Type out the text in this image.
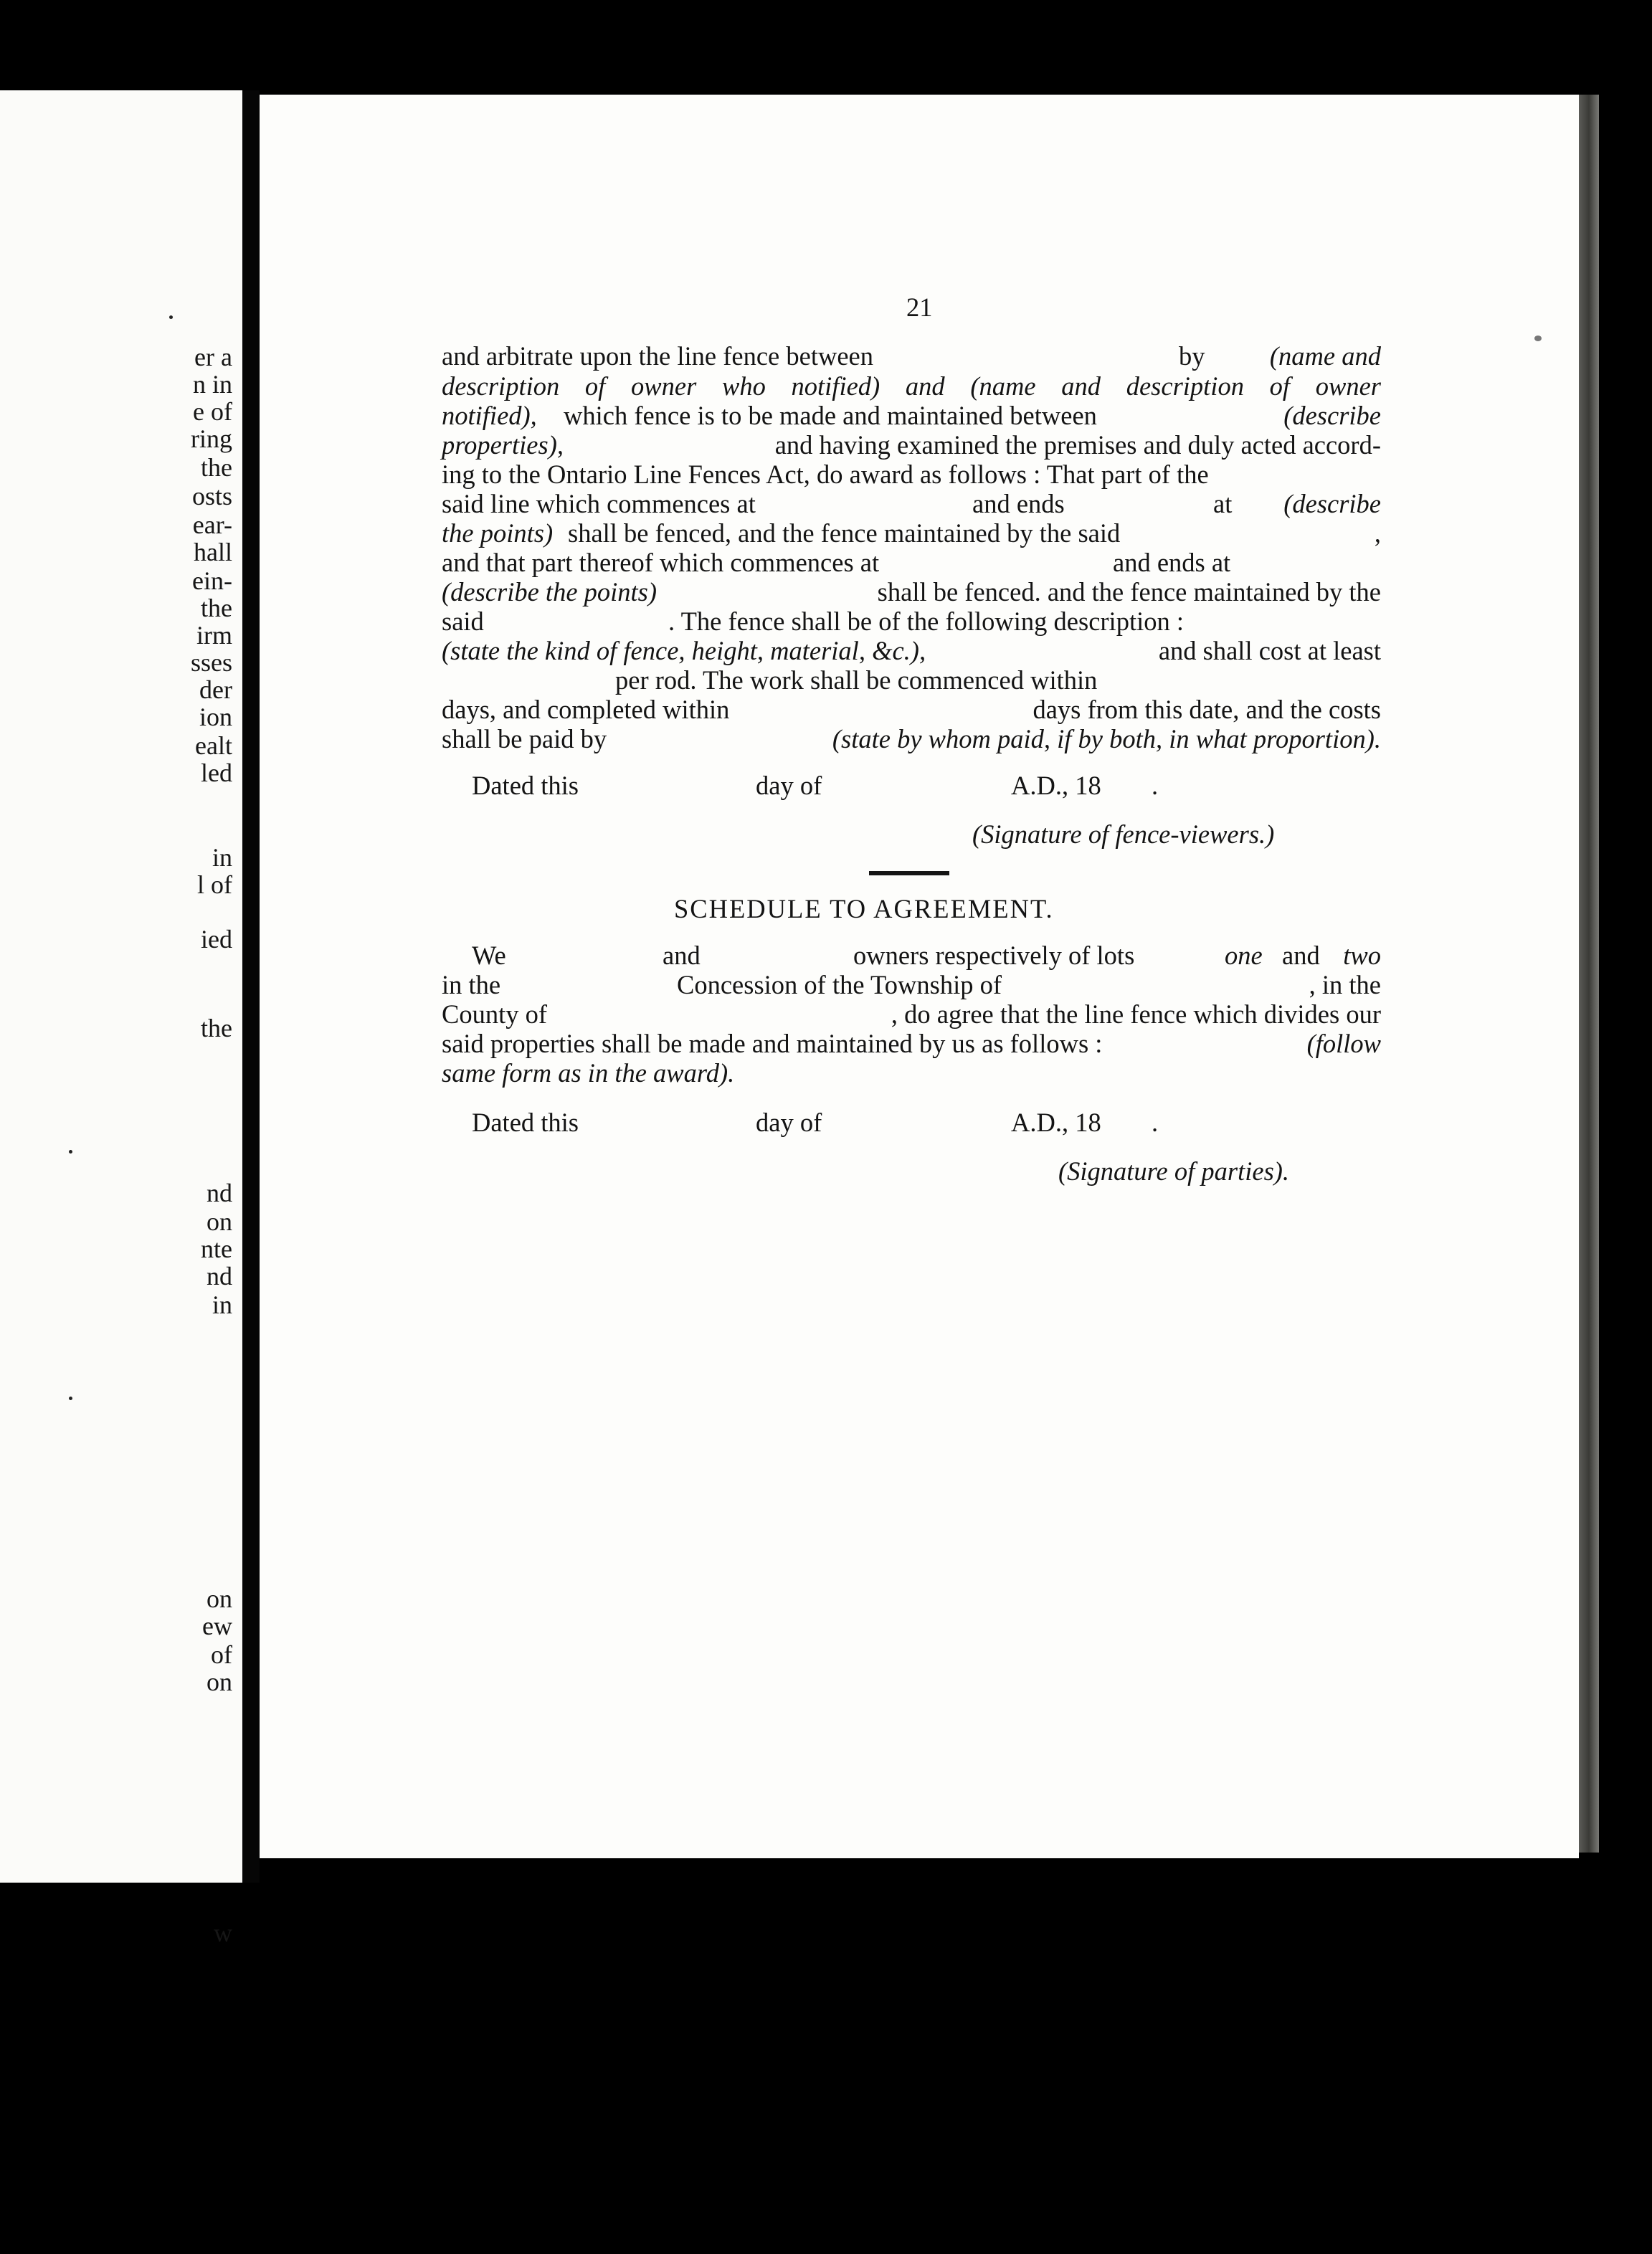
er a
n in
e of
ring
the
osts
ear-
hall
ein-
the
irm
sses
der
ion
ealt
led
in
l of
ied
the
nd
on
nte
nd
in
on
ew
of
on
w
21
and arbitrate upon the line fence between	by (name and
description of owner who notified) and (name and description of owner
notified), which fence is to be made and maintained between	(describe
properties),	and having examined the premises and duly acted accord-
ing to the Ontario Line Fences Act, do award as follows : That part of the
said line which commences at	and ends	at (describe
the points) shall be fenced, and the fence maintained by the said	,
and that part thereof which commences at	and ends at
(describe the points)	shall be fenced. and the fence maintained by the
said	. The fence shall be of the following description :
(state the kind of fence, height, material, &c.),	and shall cost at least
per rod. The work shall be commenced within
days, and completed within	days from this date, and the costs
shall be paid by	(state by whom paid, if by both, in what proportion).
Dated this	day of	A.D., 18 .
(Signature of fence-viewers.)
SCHEDULE TO AGREEMENT.
We	and	owners respectively of lots	one and two
in the	Concession of the Township of	, in the
County of	, do agree that the line fence which divides our
said properties shall be made and maintained by us as follows :	(follow
same form as in the award).
Dated this	day of	A.D., 18 .
(Signature of parties).
